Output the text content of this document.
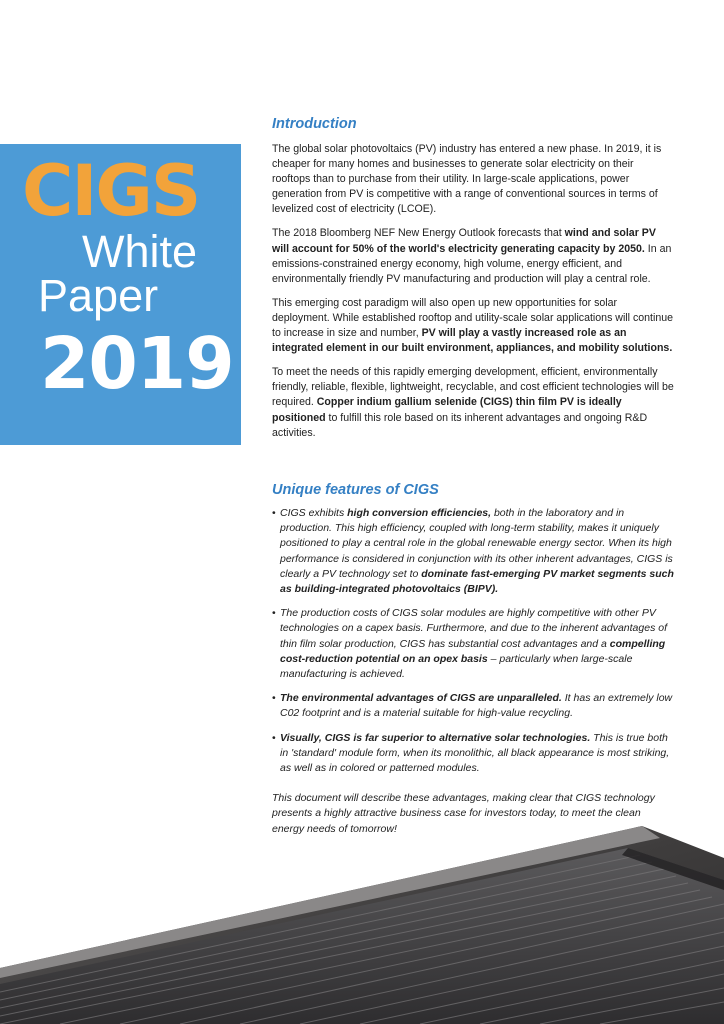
CIGS
White
Paper
2019
Introduction

The global solar photovoltaics (PV) industry has entered a new phase. In 2019, it is cheaper for many homes and businesses to generate solar electricity on their rooftops than to purchase from their utility. In large-scale applications, power generation from PV is competitive with a range of conventional sources in terms of levelized cost of electricity (LCOE).

The 2018 Bloomberg NEF New Energy Outlook forecasts that wind and solar PV will account for 50% of the world's electricity generating capacity by 2050. In an emissions-constrained energy economy, high volume, energy efficient, and environmentally friendly PV manufacturing and production will play a central role.

This emerging cost paradigm will also open up new opportunities for solar deployment. While established rooftop and utility-scale solar applications will continue to increase in size and number, PV will play a vastly increased role as an integrated element in our built environment, appliances, and mobility solutions.

To meet the needs of this rapidly emerging development, efficient, environmentally friendly, reliable, flexible, lightweight, recyclable, and cost efficient technologies will be required. Copper indium gallium selenide (CIGS) thin film PV is ideally positioned to fulfill this role based on its inherent advantages and ongoing R&D activities.

Unique features of CIGS
• CIGS exhibits high conversion efficiencies, both in the laboratory and in production. This high efficiency, coupled with long-term stability, makes it uniquely positioned to play a central role in the global renewable energy sector. When its high performance is considered in conjunction with its other inherent advantages, CIGS is clearly a PV technology set to dominate fast-emerging PV market segments such as building-integrated photovoltaics (BIPV).
• The production costs of CIGS solar modules are highly competitive with other PV technologies on a capex basis. Furthermore, and due to the inherent advantages of thin film solar production, CIGS has substantial cost advantages and a compelling cost-reduction potential on an opex basis – particularly when large-scale manufacturing is achieved.
• The environmental advantages of CIGS are unparalleled. It has an extremely low C02 footprint and is a material suitable for high-value recycling.
• Visually, CIGS is far superior to alternative solar technologies. This is true both in 'standard' module form, when its monolithic, all black appearance is most striking, as well as in colored or patterned modules.

This document will describe these advantages, making clear that CIGS technology presents a highly attractive business case for investors today, to meet the clean energy needs of tomorrow!
